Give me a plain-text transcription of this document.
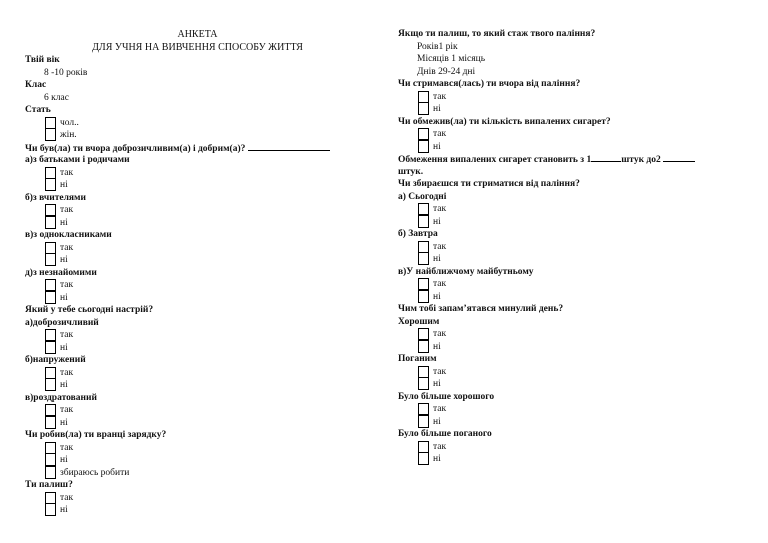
АНКЕТА
ДЛЯ УЧНЯ НА ВИВЧЕННЯ СПОСОБУ ЖИТТЯ
Твій вік
8 -10 років
Клас
6 клас
Стать
чол..
жін.
Чи був(ла) ти вчора доброзичливим(а) і добрим(а)?
а)з батьками і родичами
так
ні
б)з вчителями
так
ні
в)з однокласниками
так
ні
д)з незнайомими
так
ні
Який у тебе сьогодні настрій?
а)доброзичливий
так
ні
б)напружений
так
ні
в)роздратований
так
ні
Чи робив(ла) ти вранці зарядку?
так
ні
збираюсь робити
Ти палиш?
так
ні
Якщо ти палиш, то який стаж твого паління?
Років1 рік
Місяців 1 місяць
Днів 29-24 дні
Чи стримався(лась) ти вчора від паління?
так
ні
Чи обмежив(ла) ти кількість випалених сигарет?
так
ні
Обмеження випалених сигарет становить з 1	штук до2
штук.
Чи збираєшся ти стриматися від паління?
а) Сьогодні
так
ні
б) Завтра
так
ні
в)У найближчому майбутньому
так
ні
Чим тобі запам’ятався минулий день?
Хорошим
так
ні
Поганим
так
ні
Було більше хорошого
так
ні
Було більше поганого
так
ні
